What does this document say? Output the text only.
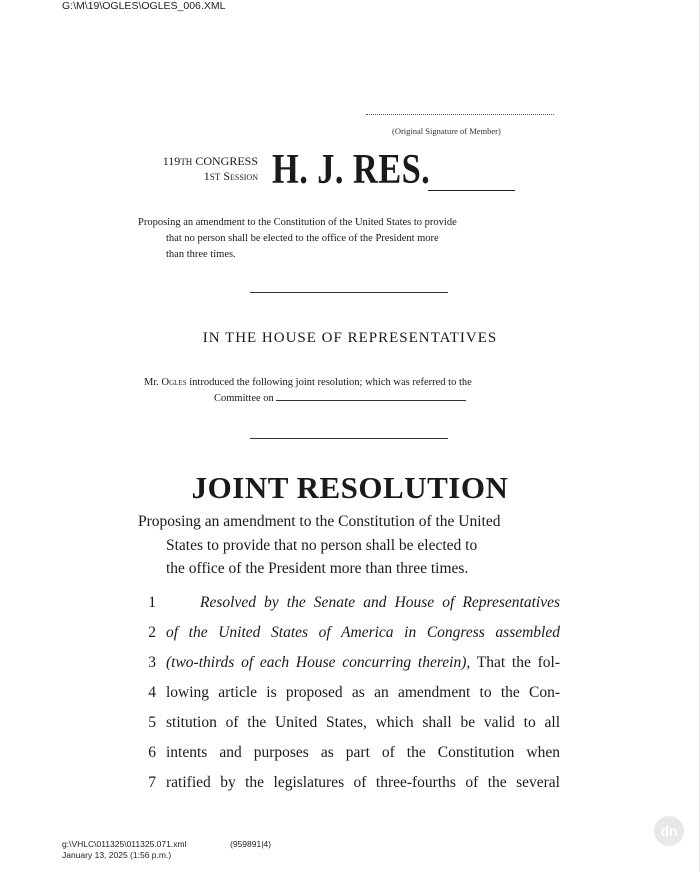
G:\M\19\OGLES\OGLES_006.XML
(Original Signature of Member)
119TH CONGRESS
1ST Session H. J. RES.
Proposing an amendment to the Constitution of the United States to provide
that no person shall be elected to the office of the President more
than three times.
IN THE HOUSE OF REPRESENTATIVES
Mr. Ogles introduced the following joint resolution; which was referred to the
Committee on
JOINT RESOLUTION
Proposing an amendment to the Constitution of the United
States to provide that no person shall be elected to
the office of the President more than three times.
1	Resolved by the Senate and House of Representatives
2 of the United States of America in Congress assembled
3 (two-thirds of each House concurring therein), That the fol-
4 lowing article is proposed as an amendment to the Con-
5 stitution of the United States, which shall be valid to all
6 intents and purposes as part of the Constitution when
7 ratified by the legislatures of three-fourths of the several
g:\VHLC\011325\011325.071.xml
January 13, 2025 (1:56 p.m.)
(959891|4)
dn
